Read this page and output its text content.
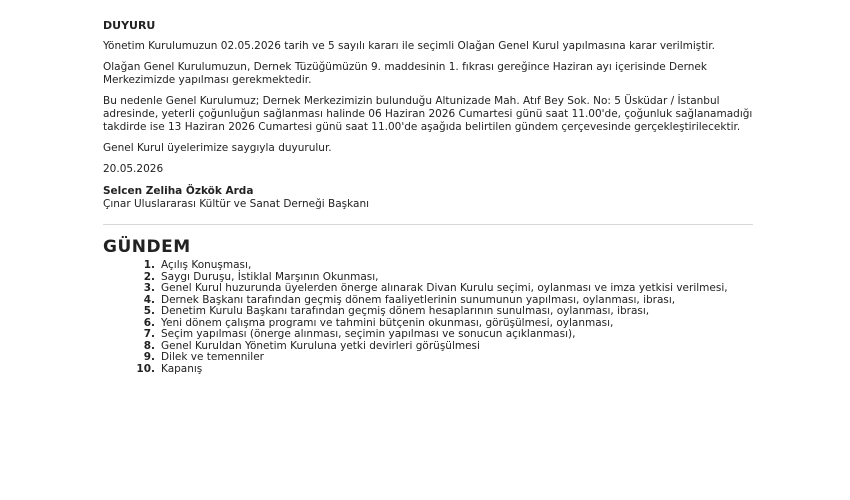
DUYURU

Yönetim Kurulumuzun 02.05.2026 tarih ve 5 sayılı kararı ile seçimli Olağan Genel Kurul yapılmasına karar verilmiştir.

Olağan Genel Kurulumuzun, Dernek Tüzüğümüzün 9. maddesinin 1. fıkrası gereğince Haziran ayı içerisinde Dernek Merkezimizde yapılması gerekmektedir.

Bu nedenle Genel Kurulumuz; Dernek Merkezimizin bulunduğu Altunizade Mah. Atıf Bey Sok. No: 5 Üsküdar / İstanbul adresinde, yeterli çoğunluğun sağlanması halinde 06 Haziran 2026 Cumartesi günü saat 11.00'de, çoğunluk sağlanamadığı takdirde ise 13 Haziran 2026 Cumartesi günü saat 11.00'de aşağıda belirtilen gündem çerçevesinde gerçekleştirilecektir.

Genel Kurul üyelerimize saygıyla duyurulur.

20.05.2026

Selcen Zeliha Özkök Arda

Çınar Uluslararası Kültür ve Sanat Derneği Başkanı

GÜNDEM
1. Açılış Konuşması,
2. Saygı Duruşu, İstiklal Marşının Okunması,
3. Genel Kurul huzurunda üyelerden önerge alınarak Divan Kurulu seçimi, oylanması ve imza yetkisi verilmesi,
4. Dernek Başkanı tarafından geçmiş dönem faaliyetlerinin sunumunun yapılması, oylanması, ibrası,
5. Denetim Kurulu Başkanı tarafından geçmiş dönem hesaplarının sunulması, oylanması, ibrası,
6. Yeni dönem çalışma programı ve tahmini bütçenin okunması, görüşülmesi, oylanması,
7. Seçim yapılması (önerge alınması, seçimin yapılması ve sonucun açıklanması),
8. Genel Kuruldan Yönetim Kuruluna yetki devirleri görüşülmesi
9. Dilek ve temenniler
10. Kapanış
